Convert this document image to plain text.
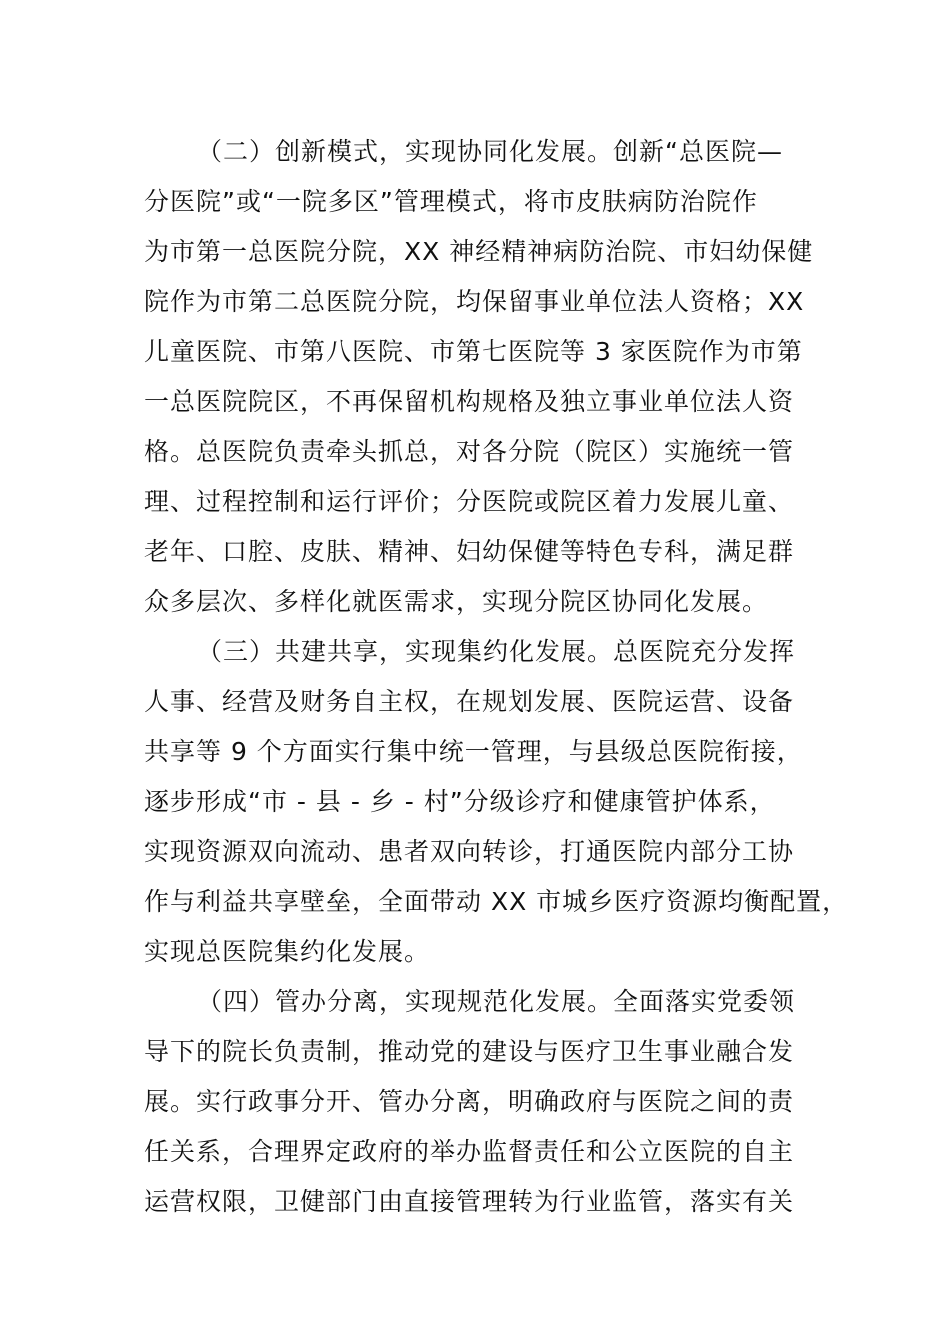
（二）创新模式，实现协同化发展。创新“总医院—
分医院”或“一院多区”管理模式，将市皮肤病防治院作
为市第一总医院分院，XX 神经精神病防治院、市妇幼保健
院作为市第二总医院分院，均保留事业单位法人资格；XX
儿童医院、市第八医院、市第七医院等 3 家医院作为市第
一总医院院区，不再保留机构规格及独立事业单位法人资
格。总医院负责牵头抓总，对各分院（院区）实施统一管
理、过程控制和运行评价；分医院或院区着力发展儿童、
老年、口腔、皮肤、精神、妇幼保健等特色专科，满足群
众多层次、多样化就医需求，实现分院区协同化发展。
（三）共建共享，实现集约化发展。总医院充分发挥
人事、经营及财务自主权，在规划发展、医院运营、设备
共享等 9 个方面实行集中统一管理，与县级总医院衔接，
逐步形成“市 - 县 - 乡 - 村”分级诊疗和健康管护体系，
实现资源双向流动、患者双向转诊，打通医院内部分工协
作与利益共享壁垒，全面带动 XX 市城乡医疗资源均衡配置，
实现总医院集约化发展。
（四）管办分离，实现规范化发展。全面落实党委领
导下的院长负责制，推动党的建设与医疗卫生事业融合发
展。实行政事分开、管办分离，明确政府与医院之间的责
任关系，合理界定政府的举办监督责任和公立医院的自主
运营权限，卫健部门由直接管理转为行业监管，落实有关
